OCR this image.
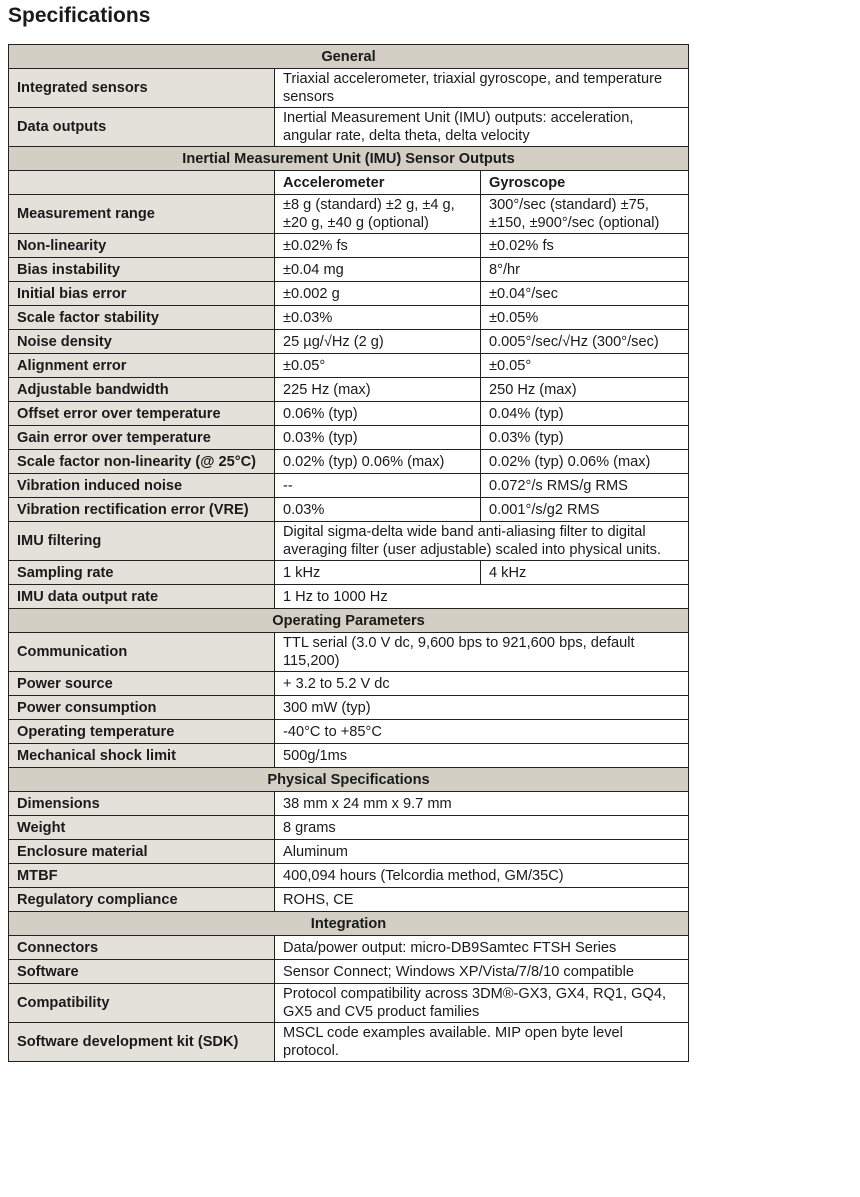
Specifications
General		
Integrated sensors	Triaxial accelerometer, triaxial gyroscope, and temperature sensors	
Data outputs	Inertial Measurement Unit (IMU) outputs: acceleration, angular rate, delta theta, delta velocity	
Inertial Measurement Unit (IMU) Sensor Outputs		
	Accelerometer	Gyroscope
Measurement range	±8 g (standard) ±2 g, ±4 g, ±20 g, ±40 g (optional)	300°/sec (standard) ±75, ±150, ±900°/sec (optional)
Non-linearity	±0.02% fs	±0.02% fs
Bias instability	±0.04 mg	8°/hr
Initial bias error	±0.002 g	±0.04°/sec
Scale factor stability	±0.03%	±0.05%
Noise density	25 µg/√Hz (2 g)	0.005°/sec/√Hz (300°/sec)
Alignment error	±0.05°	±0.05°
Adjustable bandwidth	225 Hz (max)	250 Hz (max)
Offset error over temperature	0.06% (typ)	0.04% (typ)
Gain error over temperature	0.03% (typ)	0.03% (typ)
Scale factor non-linearity (@ 25°C)	0.02% (typ) 0.06% (max)	0.02% (typ) 0.06% (max)
Vibration induced noise	--	0.072°/s RMS/g RMS
Vibration rectification error (VRE)	0.03%	0.001°/s/g2 RMS
IMU filtering	Digital sigma-delta wide band anti-aliasing filter to digital averaging filter (user adjustable) scaled into physical units.	
Sampling rate	1 kHz	4 kHz
IMU data output rate	1 Hz to 1000 Hz	
Operating Parameters		
Communication	TTL serial (3.0 V dc, 9,600 bps to 921,600 bps, default 115,200)	
Power source	+ 3.2 to 5.2 V dc	
Power consumption	300 mW (typ)	
Operating temperature	-40°C to +85°C	
Mechanical shock limit	500g/1ms	
Physical Specifications		
Dimensions	38 mm x 24 mm x 9.7 mm	
Weight	8 grams	
Enclosure material	Aluminum	
MTBF	400,094 hours (Telcordia method, GM/35C)	
Regulatory compliance	ROHS, CE	
Integration		
Connectors	Data/power output: micro-DB9Samtec FTSH Series	
Software	Sensor Connect; Windows XP/Vista/7/8/10 compatible	
Compatibility	Protocol compatibility across 3DM®-GX3, GX4, RQ1, GQ4, GX5 and CV5 product families	
Software development kit (SDK)	MSCL code examples available. MIP open byte level protocol.	
